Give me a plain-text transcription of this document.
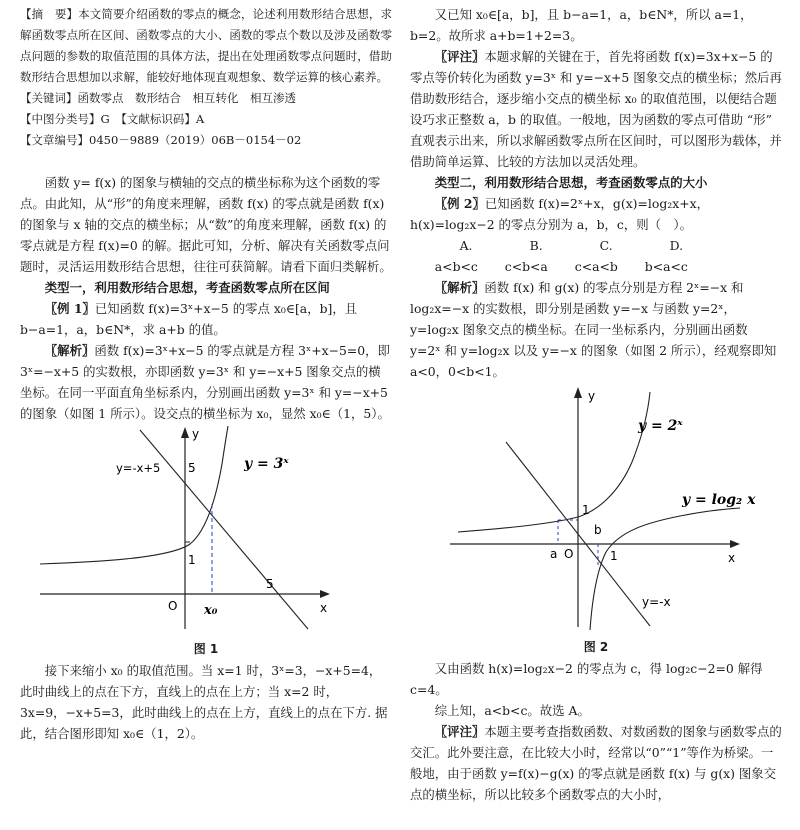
【摘　要】本文简要介绍函数的零点的概念，论述利用数形结合思想，求解函数零点所在区间、函数零点的大小、函数的零点个数以及涉及函数零点问题的参数的取值范围的具体方法，提出在处理函数零点问题时，借助数形结合思想加以求解，能较好地体现直观想象、数学运算的核心素养。

【关键词】函数零点　数形结合　相互转化　相互渗透

【中图分类号】G　【文献标识码】A

【文章编号】0450－9889（2019）06B－0154－02

函数 y= f(x) 的图象与横轴的交点的横坐标称为这个函数的零点。由此知，从“形”的角度来理解，函数 f(x) 的零点就是函数 f(x) 的图象与 x 轴的交点的横坐标；从“数”的角度来理解，函数 f(x) 的零点就是方程 f(x)=0 的解。据此可知，分析、解决有关函数零点问题时，灵活运用数形结合思想，往往可获简解。请看下面归类解析。

类型一，利用数形结合思想，考查函数零点所在区间

〖例 1〗已知函数 f(x)=3ˣ+x−5 的零点 x₀∈[a，b]，且 b−a=1，a，b∈N*，求 a+b 的值。

〖解析〗函数 f(x)=3ˣ+x−5 的零点就是方程 3ˣ+x−5=0，即 3ˣ=−x+5 的实数根，亦即函数 y=3ˣ 和 y=−x+5 图象交点的横坐标。在同一平面直角坐标系内，分别画出函数 y=3ˣ 和 y=−x+5 的图象（如图 1 所示）。设交点的横坐标为 x₀，显然 x₀∈（1，5）。

y
x
O
y=-x+5	y = 3ˣ
5
1
5
x₀

图 1

接下来缩小 x₀ 的取值范围。当 x=1 时，3ˣ=3，−x+5=4，此时曲线上的点在下方，直线上的点在上方；当 x=2 时，3x=9，−x+5=3，此时曲线上的点在上方，直线上的点在下方. 据此，结合图形即知 x₀∈（1，2）。

又已知 x₀∈[a，b]，且 b−a=1，a，b∈N*，所以 a=1，b=2。故所求 a+b=1+2=3。

〖评注〗本题求解的关键在于，首先将函数 f(x)=3x+x−5 的零点等价转化为函数 y=3ˣ 和 y=−x+5 图象交点的横坐标；然后再借助数形结合，逐步缩小交点的横坐标 x₀ 的取值范围，以便结合题设巧求正整数 a，b 的取值。一般地，因为函数的零点可借助 “形” 直观表示出来，所以求解函数零点所在区间时，可以图形为载体，并借助简单运算、比较的方法加以灵活处理。

类型二，利用数形结合思想，考查函数零点的大小

〖例 2〗已知函数 f(x)=2ˣ+x，g(x)=log₂x+x，h(x)=log₂x−2 的零点分别为 a，b，c，则（　）。

A. a<b<cB. c<b<aC. c<a<bD. b<a<c

〖解析〗函数 f(x) 和 g(x) 的零点分别是方程 2ˣ=−x 和 log₂x=−x 的实数根，即分别是函数 y=−x 与函数 y=2ˣ，y=log₂x 图象交点的横坐标。在同一坐标系内，分别画出函数 y=2ˣ 和 y=log₂x 以及 y=−x 的图象（如图 2 所示），经观察即知 a<0，0<b<1。

y
x
O
y = 2ˣ
y = log₂ x
y=-x
1
1
a
b

图 2

又由函数 h(x)=log₂x−2 的零点为 c，得 log₂c−2=0 解得 c=4。

综上知，a<b<c。故选 A。

〖评注〗本题主要考查指数函数、对数函数的图象与函数零点的交汇。此外要注意，在比较大小时，经常以“0”“1”等作为桥梁。一般地，由于函数 y=f(x)−g(x) 的零点就是函数 f(x) 与 g(x) 图象交点的横坐标，所以比较多个函数零点的大小时，
